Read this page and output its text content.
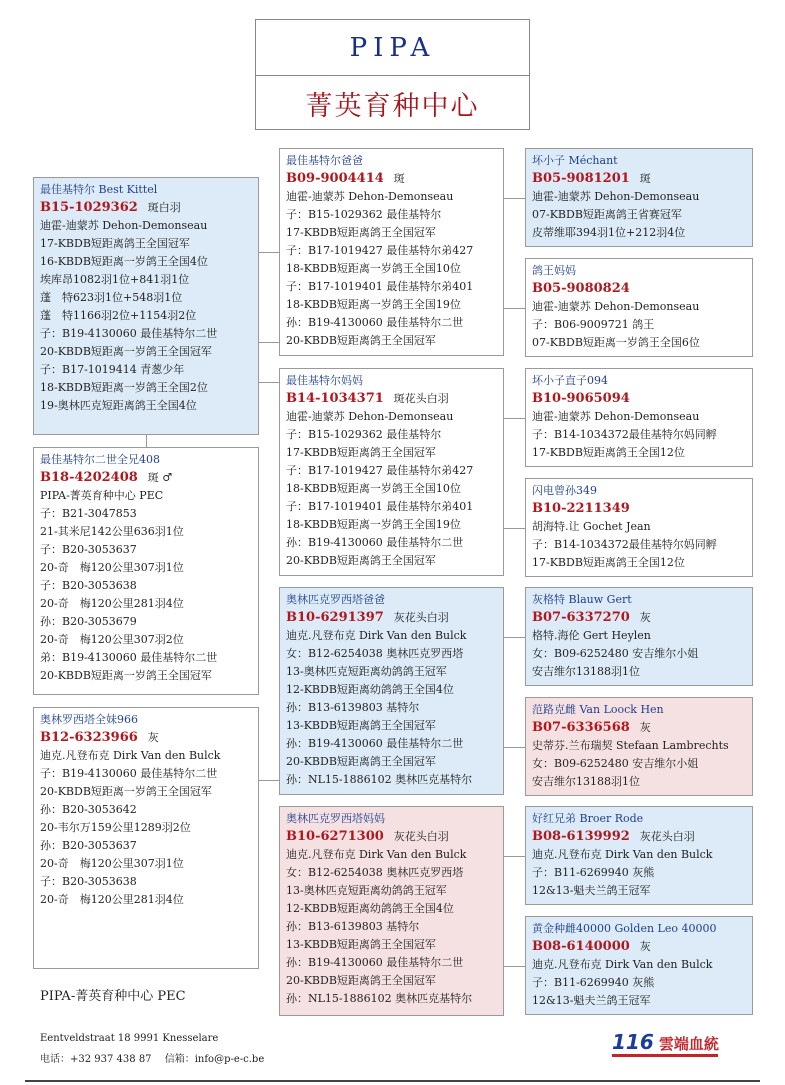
PIPA
菁英育种中心
最佳基特尔 Best Kittel
B15-1029362 斑白羽
迪霍-迪蒙苏 Dehon-Demonseau
17-KBDB短距离鸽王全国冠军
16-KBDB短距离一岁鸽王全国4位
埃库昂1082羽1位+841羽1位
蓬　特623羽1位+548羽1位
蓬　特1166羽2位+1154羽2位
子：B19-4130060 最佳基特尔二世
20-KBDB短距离一岁鸽王全国冠军
子：B17-1019414 青葱少年
18-KBDB短距离一岁鸽王全国2位
19-奥林匹克短距离鸽王全国4位
最佳基特尔二世全兄408
B18-4202408 斑 ♂
PIPA-菁英育种中心 PEC
子：B21-3047853
21-其米尼142公里636羽1位
子：B20-3053637
20-奇　梅120公里307羽1位
子：B20-3053638
20-奇　梅120公里281羽4位
孙：B20-3053679
20-奇　梅120公里307羽2位
弟：B19-4130060 最佳基特尔二世
20-KBDB短距离一岁鸽王全国冠军
奥林罗西塔全妹966
B12-6323966 灰
迪克.凡登布克 Dirk Van den Bulck
子：B19-4130060 最佳基特尔二世
20-KBDB短距离一岁鸽王全国冠军
孙：B20-3053642
20-韦尔万159公里1289羽2位
孙：B20-3053637
20-奇　梅120公里307羽1位
子：B20-3053638
20-奇　梅120公里281羽4位
最佳基特尔爸爸
B09-9004414 斑
迪霍-迪蒙苏 Dehon-Demonseau
子：B15-1029362 最佳基特尔
17-KBDB短距离鸽王全国冠军
子：B17-1019427 最佳基特尔弟427
18-KBDB短距离一岁鸽王全国10位
子：B17-1019401 最佳基特尔弟401
18-KBDB短距离一岁鸽王全国19位
孙：B19-4130060 最佳基特尔二世
20-KBDB短距离鸽王全国冠军
最佳基特尔妈妈
B14-1034371 斑花头白羽
迪霍-迪蒙苏 Dehon-Demonseau
子：B15-1029362 最佳基特尔
17-KBDB短距离鸽王全国冠军
子：B17-1019427 最佳基特尔弟427
18-KBDB短距离一岁鸽王全国10位
子：B17-1019401 最佳基特尔弟401
18-KBDB短距离一岁鸽王全国19位
孙：B19-4130060 最佳基特尔二世
20-KBDB短距离鸽王全国冠军
奥林匹克罗西塔爸爸
B10-6291397 灰花头白羽
迪克.凡登布克 Dirk Van den Bulck
女：B12-6254038 奥林匹克罗西塔
13-奥林匹克短距离幼鸽鸽王冠军
12-KBDB短距离幼鸽鸽王全国4位
孙：B13-6139803 基特尔
13-KBDB短距离鸽王全国冠军
孙：B19-4130060 最佳基特尔二世
20-KBDB短距离鸽王全国冠军
孙：NL15-1886102 奥林匹克基特尔
奥林匹克罗西塔妈妈
B10-6271300 灰花头白羽
迪克.凡登布克 Dirk Van den Bulck
女：B12-6254038 奥林匹克罗西塔
13-奥林匹克短距离幼鸽鸽王冠军
12-KBDB短距离幼鸽鸽王全国4位
孙：B13-6139803 基特尔
13-KBDB短距离鸽王全国冠军
孙：B19-4130060 最佳基特尔二世
20-KBDB短距离鸽王全国冠军
孙：NL15-1886102 奥林匹克基特尔
坏小子 Méchant
B05-9081201 斑
迪霍-迪蒙苏 Dehon-Demonseau
07-KBDB短距离鸽王省赛冠军
皮蒂维耶394羽1位+212羽4位
鸽王妈妈
B05-9080824
迪霍-迪蒙苏 Dehon-Demonseau
子：B06-9009721 鸽王
07-KBDB短距离一岁鸽王全国6位
坏小子直子094
B10-9065094
迪霍-迪蒙苏 Dehon-Demonseau
子：B14-1034372最佳基特尔妈同孵
17-KBDB短距离鸽王全国12位
闪电曾孙349
B10-2211349
胡海特.让 Gochet Jean
子：B14-1034372最佳基特尔妈同孵
17-KBDB短距离鸽王全国12位
灰格特 Blauw Gert
B07-6337270 灰
格特.海伦 Gert Heylen
女：B09-6252480 安吉维尔小姐
安吉维尔13188羽1位
范路克雌 Van Loock Hen
B07-6336568 灰
史蒂芬.兰布瑞契 Stefaan Lambrechts
女：B09-6252480 安吉维尔小姐
安吉维尔13188羽1位
好红兄弟 Broer Rode
B08-6139992 灰花头白羽
迪克.凡登布克 Dirk Van den Bulck
子：B11-6269940 灰熊
12&13-魁夫兰鸽王冠军
黄金种雌40000 Golden Leo 40000
B08-6140000 灰
迪克.凡登布克 Dirk Van den Bulck
子：B11-6269940 灰熊
12&13-魁夫兰鸽王冠军
PIPA-菁英育种中心 PEC
Eentveldstraat 18 9991 Knesselare
电话：+32 937 438 87　 信箱：info@p-e-c.be
116 雲端血統
